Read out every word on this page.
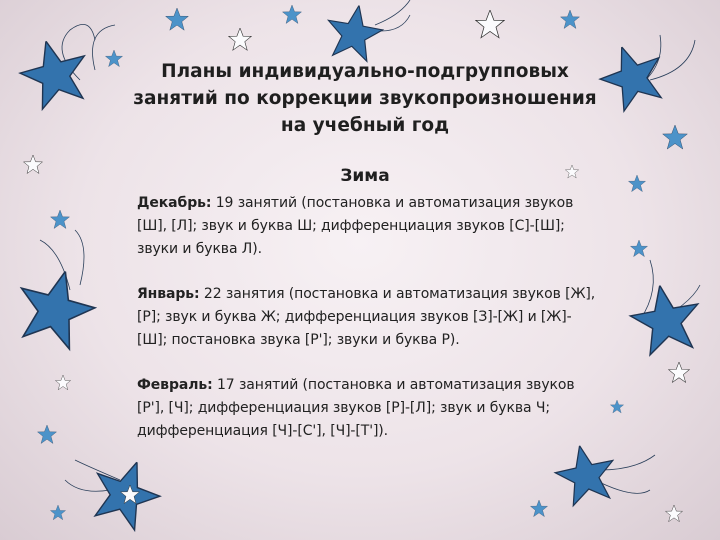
Планы индивидуально-подгрупповых
занятий по коррекции звукопроизношения
на учебный год
Зима

Декабрь: 19 занятий (постановка и автоматизация звуков [Ш], [Л]; звук и буква Ш; дифференциация звуков [С]-[Ш]; звуки и буква Л).

Январь: 22 занятия (постановка и автоматизация звуков [Ж], [Р]; звук и буква Ж; дифференциация звуков [З]-[Ж] и [Ж]-[Ш]; постановка звука [Р']; звуки и буква Р).

Февраль: 17 занятий (постановка и автоматизация звуков [Р'], [Ч]; дифференциация звуков [Р]-[Л]; звук и буква Ч; дифференциация [Ч]-[С'], [Ч]-[Т']).
